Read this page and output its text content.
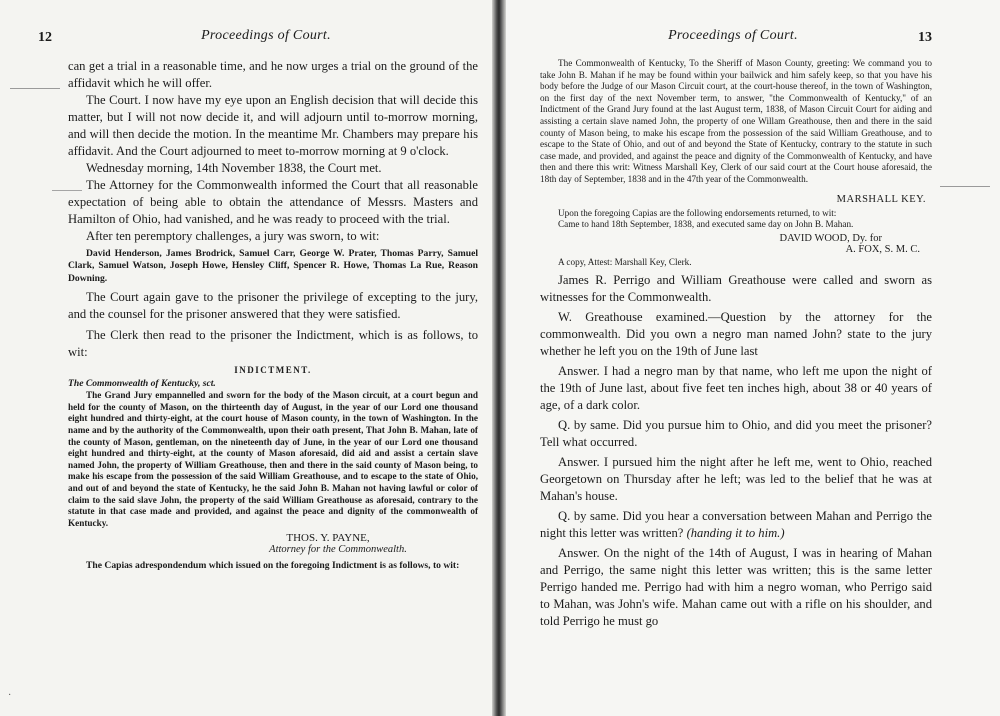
12	Proceedings of Court.

can get a trial in a reasonable time, and he now urges a trial on the ground of the affidavit which he will offer.

The Court. I now have my eye upon an English decision that will decide this matter, but I will not now decide it, and will adjourn until to-morrow morning, and will then decide the motion. In the meantime Mr. Chambers may prepare his affidavit. And the Court adjourned to meet to-morrow morning at 9 o'clock.

Wednesday morning, 14th November 1838, the Court met.

The Attorney for the Commonwealth informed the Court that all reasonable expectation of being able to obtain the attendance of Messrs. Masters and Hamilton of Ohio, had vanished, and he was ready to proceed with the trial.

After ten peremptory challenges, a jury was sworn, to wit:

David Henderson, James Brodrick, Samuel Carr, George W. Prater, Thomas Parry, Samuel Clark, Samuel Watson, Joseph Howe, Hensley Cliff, Spencer R. Howe, Thomas La Rue, Reason Downing.

The Court again gave to the prisoner the privilege of excepting to the jury, and the counsel for the prisoner answered that they were satisfied.

The Clerk then read to the prisoner the Indictment, which is as follows, to wit:

INDICTMENT.

The Commonwealth of Kentucky, sct.

The Grand Jury empannelled and sworn for the body of the Mason circuit, at a court begun and held for the county of Mason, on the thirteenth day of August, in the year of our Lord one thousand eight hundred and thirty-eight, at the court house of Mason county, in the town of Washington. In the name and by the authority of the Commonwealth, upon their oath present, That John B. Mahan, late of the county of Mason, gentleman, on the nineteenth day of June, in the year of our Lord one thousand eight hundred and thirty-eight, at the county of Mason aforesaid, did aid and assist a certain slave named John, the property of William Greathouse, then and there in the said county of Mason being, to make his escape from the possession of the said William Greathouse, and to escape to the state of Ohio, and out of and beyond the state of Kentucky, he the said John B. Mahan not having lawful or color of claim to the said slave John, the property of the said William Greathouse as aforesaid, contrary to the statute in that case made and provided, and against the peace and dignity of the commonwealth of Kentucky.

THOS. Y. PAYNE,

Attorney for the Commonwealth.

The Capias adrespondendum which issued on the foregoing Indictment is as follows, to wit:

·
Proceedings of Court.	13

The Commonwealth of Kentucky, To the Sheriff of Mason County, greeting: We command you to take John B. Mahan if he may be found within your bailwick and him safely keep, so that you have his body before the Judge of our Mason Circuit court, at the court-house thereof, in the town of Washington, on the first day of the next November term, to answer, "the Commonwealth of Kentucky," of an Indictment of the Grand Jury found at the last August term, 1838, of Mason Circuit Court for aiding and assisting a certain slave named John, the property of one Willam Greathouse, then and there in the said county of Mason being, to make his escape from the possession of the said William Greathouse, and to escape to the State of Ohio, and out of and beyond the State of Kentucky, contrary to the statute in such case made, and provided, and against the peace and dignity of the Commonwealth of Kentucky, and have then and there this writ: Witness Marshall Key, Clerk of our said court at the Court house aforesaid, the 18th day of September, 1838 and in the 47th year of the Commonwealth.

MARSHALL KEY.

Upon the foregoing Capias are the following endorsements returned, to wit:

Came to hand 18th September, 1838, and executed same day on John B. Mahan.

DAVID WOOD, Dy. for

A. FOX, S. M. C.

A copy, Attest: Marshall Key, Clerk.

James R. Perrigo and William Greathouse were called and sworn as witnesses for the Commonwealth.

W. Greathouse examined.—Question by the attorney for the commonwealth. Did you own a negro man named John? state to the jury whether he left you on the 19th of June last

Answer. I had a negro man by that name, who left me upon the night of the 19th of June last, about five feet ten inches high, about 38 or 40 years of age, of a dark color.

Q. by same. Did you pursue him to Ohio, and did you meet the prisoner? Tell what occurred.

Answer. I pursued him the night after he left me, went to Ohio, reached Georgetown on Thursday after he left; was led to the belief that he was at Mahan's house.

Q. by same. Did you hear a conversation between Mahan and Perrigo the night this letter was written? (handing it to him.)

Answer. On the night of the 14th of August, I was in hearing of Mahan and Perrigo, the same night this letter was written; this is the same letter Perrigo handed me. Perrigo had with him a negro woman, who Perrigo said to Mahan, was John's wife. Mahan came out with a rifle on his shoulder, and told Perrigo he must go
